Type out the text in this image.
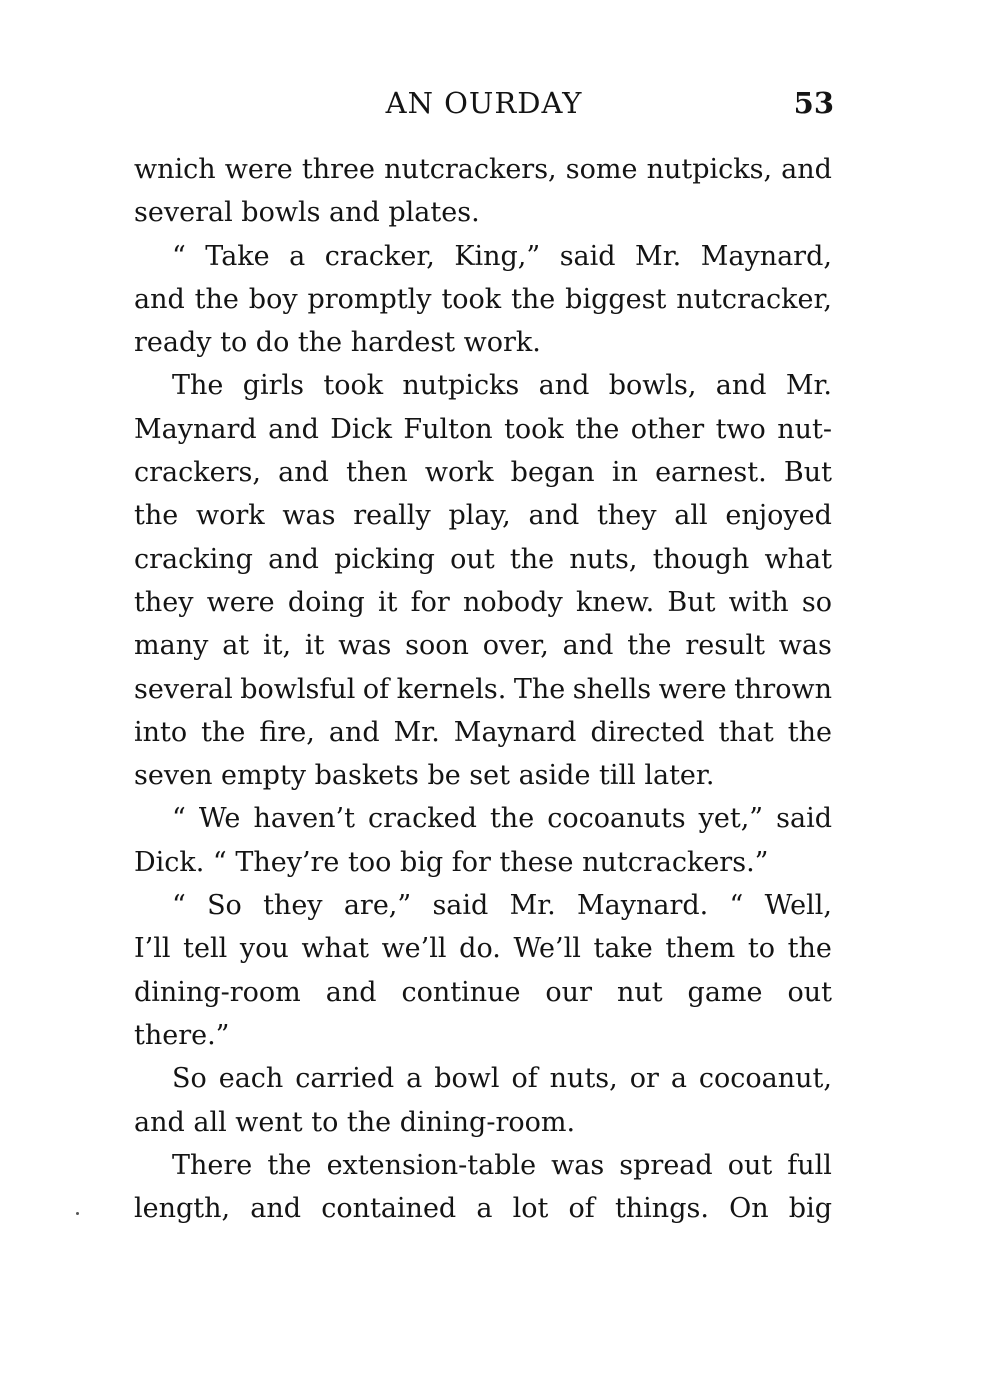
AN OURDAY	53
wnich were three nutcrackers, some nutpicks, and
several bowls and plates.
“ Take a cracker, King,” said Mr. Maynard,
and the boy promptly took the biggest nutcracker,
ready to do the hardest work.
The girls took nutpicks and bowls, and Mr.
Maynard and Dick Fulton took the other two nut-
crackers, and then work began in earnest. But
the work was really play, and they all enjoyed
cracking and picking out the nuts, though what
they were doing it for nobody knew. But with so
many at it, it was soon over, and the result was
several bowlsful of kernels. The shells were thrown
into the fire, and Mr. Maynard directed that the
seven empty baskets be set aside till later.
“ We haven’t cracked the cocoanuts yet,” said
Dick. “ They’re too big for these nutcrackers.”
“ So they are,” said Mr. Maynard. “ Well,
I’ll tell you what we’ll do. We’ll take them to the
dining-room and continue our nut game out
there.”
So each carried a bowl of nuts, or a cocoanut,
and all went to the dining-room.
There the extension-table was spread out full
length, and contained a lot of things. On big
